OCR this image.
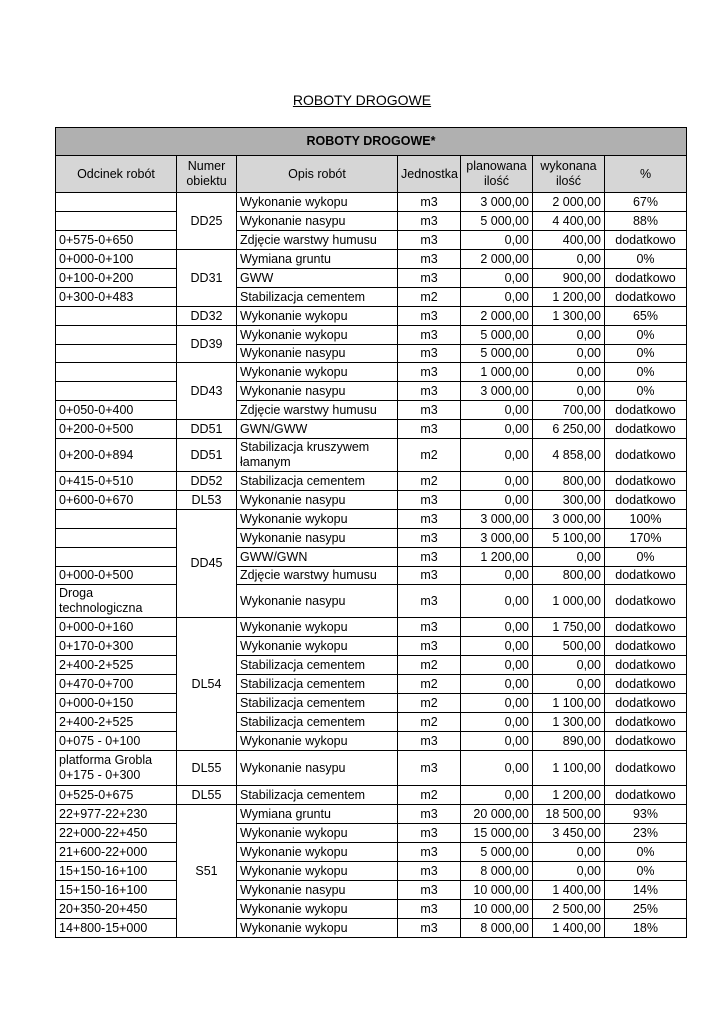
ROBOTY DROGOWE
ROBOTY DROGOWE*						
Odcinek robót	Numer obiektu	Opis robót	Jednostka	planowana ilość	wykonana ilość	%
	DD25	Wykonanie wykopu	m3	3 000,00	2 000,00	67%
		Wykonanie nasypu	m3	5 000,00	4 400,00	88%
0+575-0+650		Zdjęcie warstwy humusu	m3	0,00	400,00	dodatkowo
0+000-0+100	DD31	Wymiana gruntu	m3	2 000,00	0,00	0%
0+100-0+200		GWW	m3	0,00	900,00	dodatkowo
0+300-0+483		Stabilizacja cementem	m2	0,00	1 200,00	dodatkowo
	DD32	Wykonanie wykopu	m3	2 000,00	1 300,00	65%
	DD39	Wykonanie wykopu	m3	5 000,00	0,00	0%
		Wykonanie nasypu	m3	5 000,00	0,00	0%
	DD43	Wykonanie wykopu	m3	1 000,00	0,00	0%
		Wykonanie nasypu	m3	3 000,00	0,00	0%
0+050-0+400		Zdjęcie warstwy humusu	m3	0,00	700,00	dodatkowo
0+200-0+500	DD51	GWN/GWW	m3	0,00	6 250,00	dodatkowo
0+200-0+894	DD51	Stabilizacja kruszywem łamanym	m2	0,00	4 858,00	dodatkowo
0+415-0+510	DD52	Stabilizacja cementem	m2	0,00	800,00	dodatkowo
0+600-0+670	DL53	Wykonanie nasypu	m3	0,00	300,00	dodatkowo
	DD45	Wykonanie wykopu	m3	3 000,00	3 000,00	100%
		Wykonanie nasypu	m3	3 000,00	5 100,00	170%
		GWW/GWN	m3	1 200,00	0,00	0%
0+000-0+500		Zdjęcie warstwy humusu	m3	0,00	800,00	dodatkowo
Droga technologiczna		Wykonanie nasypu	m3	0,00	1 000,00	dodatkowo
0+000-0+160	DL54	Wykonanie wykopu	m3	0,00	1 750,00	dodatkowo
0+170-0+300		Wykonanie wykopu	m3	0,00	500,00	dodatkowo
2+400-2+525		Stabilizacja cementem	m2	0,00	0,00	dodatkowo
0+470-0+700		Stabilizacja cementem	m2	0,00	0,00	dodatkowo
0+000-0+150		Stabilizacja cementem	m2	0,00	1 100,00	dodatkowo
2+400-2+525		Stabilizacja cementem	m2	0,00	1 300,00	dodatkowo
0+075 - 0+100		Wykonanie wykopu	m3	0,00	890,00	dodatkowo
platforma Grobla 0+175 - 0+300	DL55	Wykonanie nasypu	m3	0,00	1 100,00	dodatkowo
0+525-0+675	DL55	Stabilizacja cementem	m2	0,00	1 200,00	dodatkowo
22+977-22+230	S51	Wymiana gruntu	m3	20 000,00	18 500,00	93%
22+000-22+450		Wykonanie wykopu	m3	15 000,00	3 450,00	23%
21+600-22+000		Wykonanie wykopu	m3	5 000,00	0,00	0%
15+150-16+100		Wykonanie wykopu	m3	8 000,00	0,00	0%
15+150-16+100		Wykonanie nasypu	m3	10 000,00	1 400,00	14%
20+350-20+450		Wykonanie wykopu	m3	10 000,00	2 500,00	25%
14+800-15+000		Wykonanie wykopu	m3	8 000,00	1 400,00	18%
